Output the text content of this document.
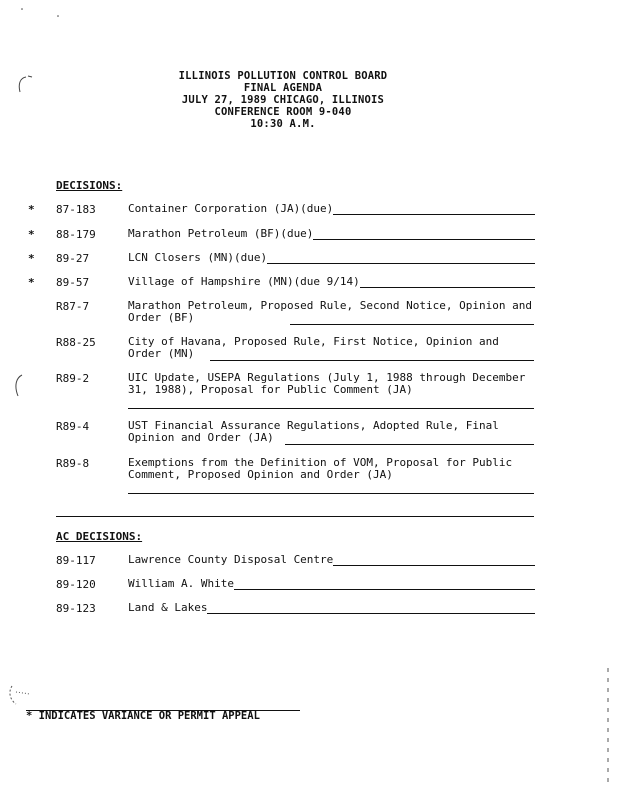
ILLINOIS POLLUTION CONTROL BOARD
FINAL AGENDA
JULY 27, 1989 CHICAGO, ILLINOIS
CONFERENCE ROOM 9-040
10:30 A.M.
DECISIONS:
* 87-183	Container Corporation (JA)(due)
* 88-179	Marathon Petroleum (BF)(due)
* 89-27	LCN Closers (MN)(due)
* 89-57	Village of Hampshire (MN)(due 9/14)
R87-7	Marathon Petroleum, Proposed Rule, Second Notice, Opinion and Order (BF)
R88-25	City of Havana, Proposed Rule, First Notice, Opinion and Order (MN)
R89-2	UIC Update, USEPA Regulations (July 1, 1988 through December 31, 1988), Proposal for Public Comment (JA)
R89-4	UST Financial Assurance Regulations, Adopted Rule, Final Opinion and Order (JA)
R89-8	Exemptions from the Definition of VOM, Proposal for Public Comment, Proposed Opinion and Order (JA)
AC DECISIONS:
89-117	Lawrence County Disposal Centre
89-120	William A. White
89-123	Land & Lakes
* INDICATES VARIANCE OR PERMIT APPEAL
